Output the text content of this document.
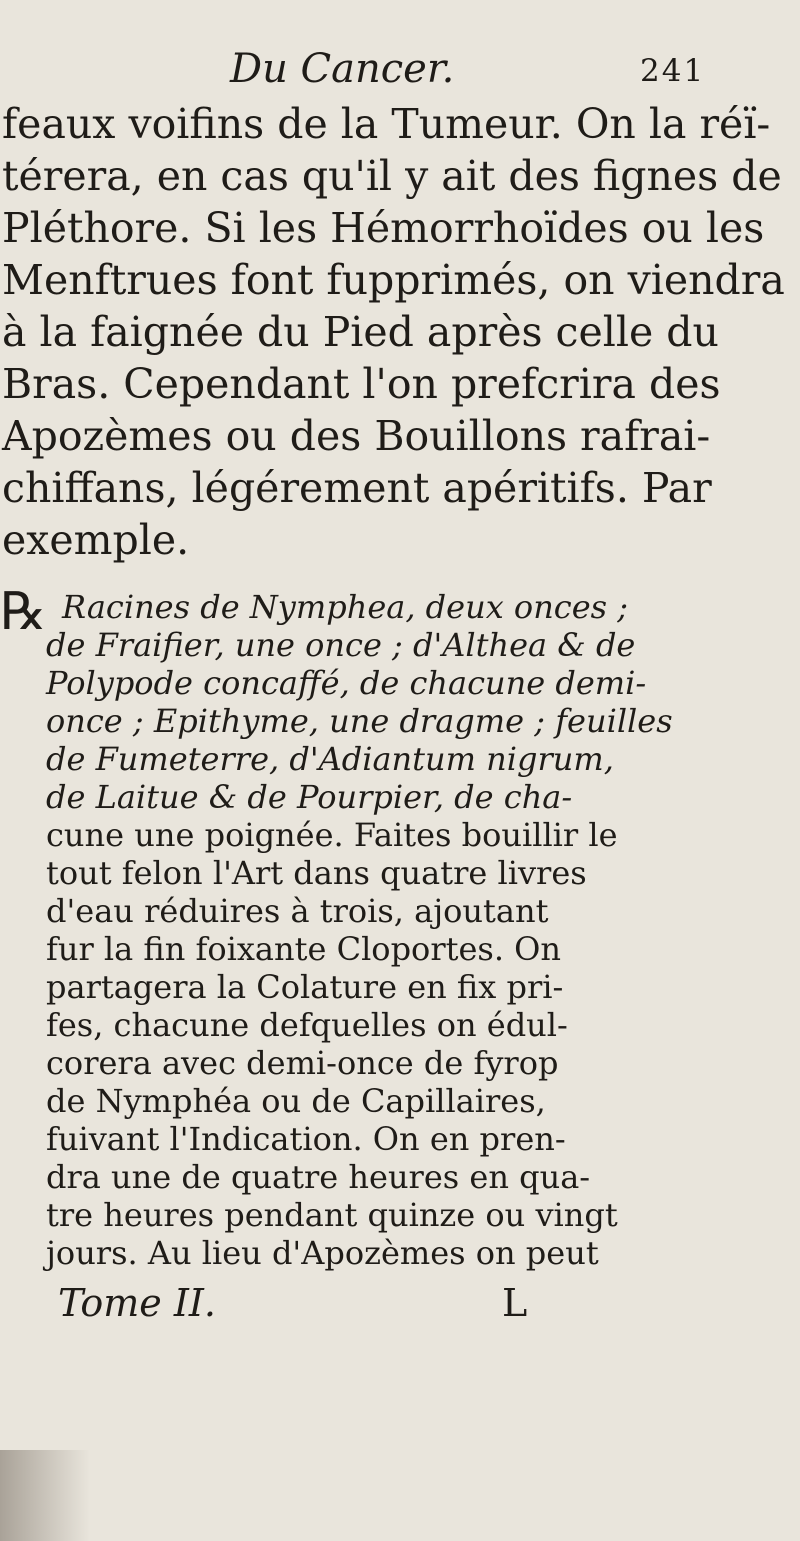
Du Cancer.	241
feaux voifins de la Tumeur. On la réï-
térera, en cas qu'il y ait des fignes de
Pléthore. Si les Hémorrhoïdes ou les
Menftrues font fupprimés, on viendra
à la faignée du Pied après celle du
Bras. Cependant l'on prefcrira des
Apozèmes ou des Bouillons rafrai-
chiffans, légérement apéritifs. Par
exemple.
℞ Racines de Nymphea, deux onces ;
de Fraifier, une once ; d'Althea & de
Polypode concaffé, de chacune demi-
once ; Epithyme, une dragme ; feuilles
de Fumeterre, d'Adiantum nigrum,
de Laitue & de Pourpier, de cha-
cune une poignée. Faites bouillir le
tout felon l'Art dans quatre livres
d'eau réduires à trois, ajoutant
fur la fin foixante Cloportes. On
partagera la Colature en fix pri-
fes, chacune defquelles on édul-
corera avec demi-once de fyrop
de Nymphéa ou de Capillaires,
fuivant l'Indication. On en pren-
dra une de quatre heures en qua-
tre heures pendant quinze ou vingt
jours. Au lieu d'Apozèmes on peut
Tome II.	L
